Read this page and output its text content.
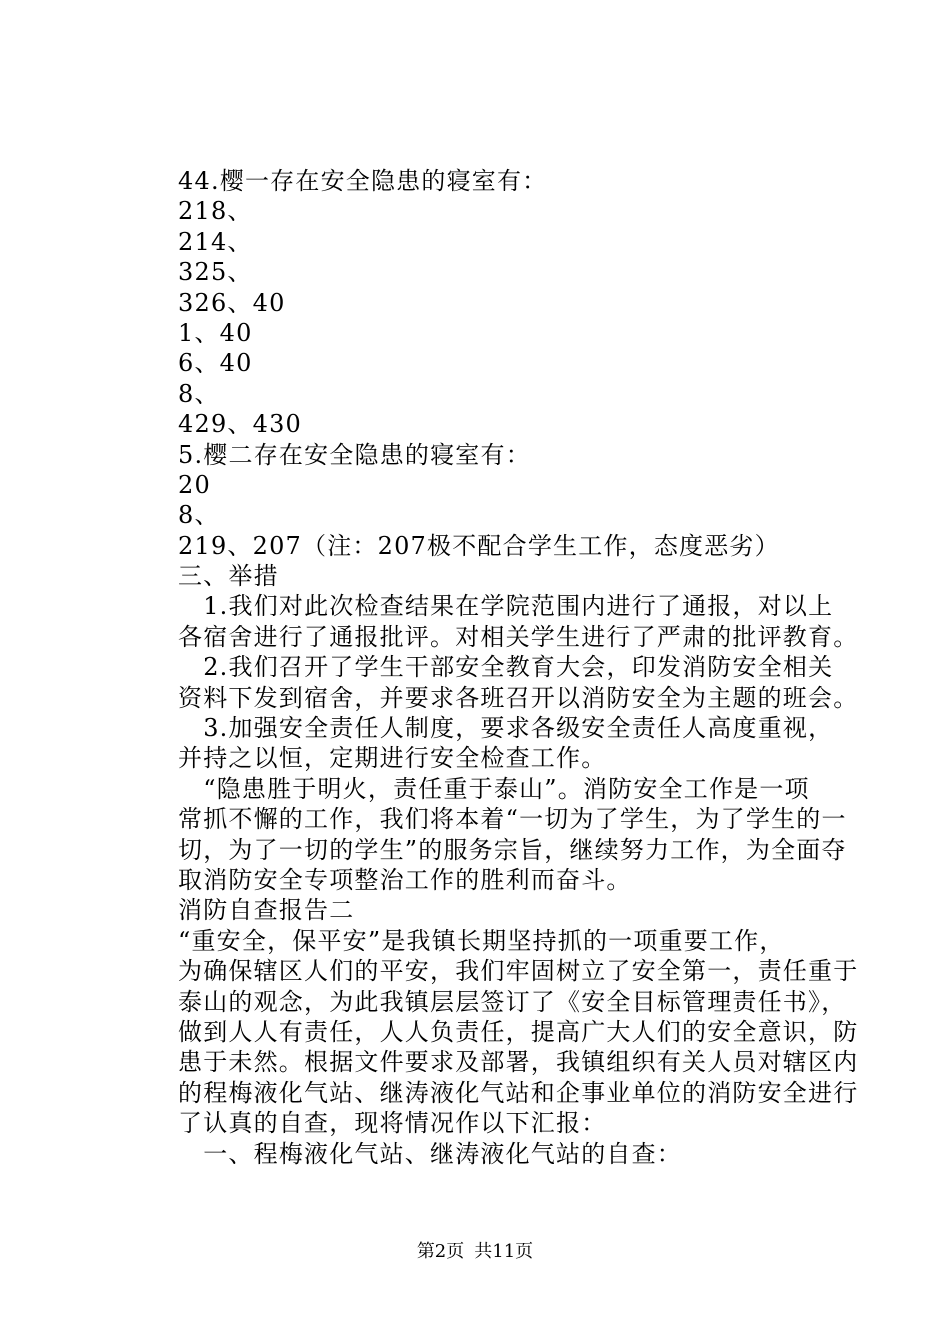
44.樱一存在安全隐患的寝室有：
218、
214、
325、
326、40
1、40
6、40
8、
429、430
5.樱二存在安全隐患的寝室有：
20
8、
219、207（注：207极不配合学生工作，态度恶劣）
三、举措
　1.我们对此次检查结果在学院范围内进行了通报，对以上
各宿舍进行了通报批评。对相关学生进行了严肃的批评教育。
　2.我们召开了学生干部安全教育大会，印发消防安全相关
资料下发到宿舍，并要求各班召开以消防安全为主题的班会。
　3.加强安全责任人制度，要求各级安全责任人高度重视，
并持之以恒，定期进行安全检查工作。
　“隐患胜于明火，责任重于泰山”。消防安全工作是一项
常抓不懈的工作，我们将本着“一切为了学生，为了学生的一
切，为了一切的学生”的服务宗旨，继续努力工作，为全面夺
取消防安全专项整治工作的胜利而奋斗。
消防自查报告二
“重安全，保平安”是我镇长期坚持抓的一项重要工作，
为确保辖区人们的平安，我们牢固树立了安全第一，责任重于
泰山的观念，为此我镇层层签订了《安全目标管理责任书》，
做到人人有责任，人人负责任，提高广大人们的安全意识，防
患于未然。根据文件要求及部署，我镇组织有关人员对辖区内
的程梅液化气站、继涛液化气站和企事业单位的消防安全进行
了认真的自查，现将情况作以下汇报：
　一、程梅液化气站、继涛液化气站的自查：
第2页 共11页
